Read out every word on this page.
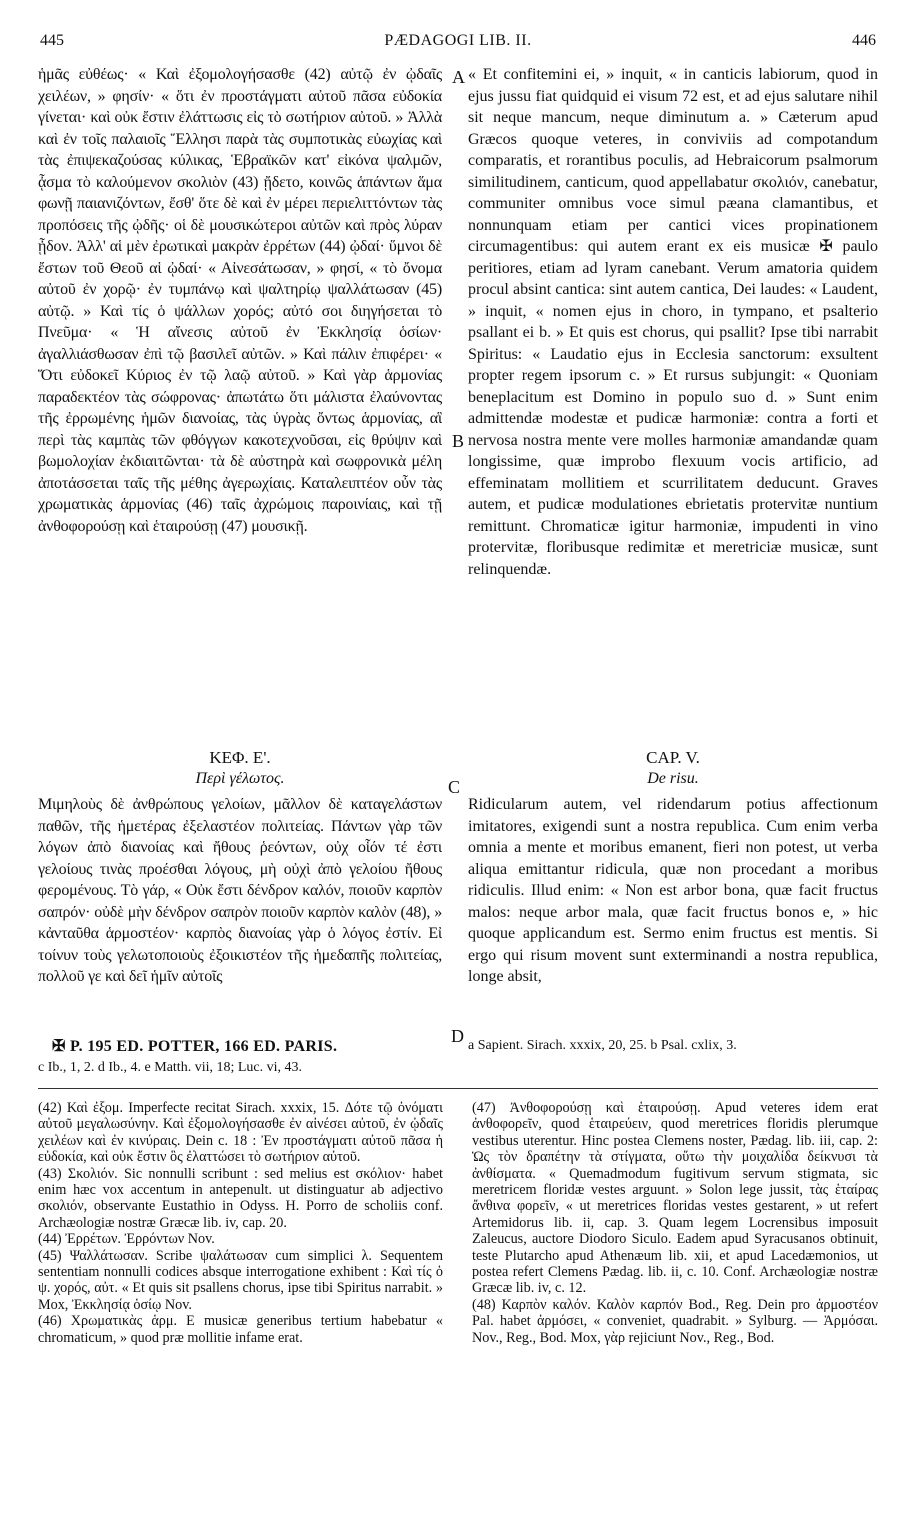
445	PÆDAGOGI LIB. II.	446
A
B
C
D

ἡμᾶς εὐθέως· « Καὶ ἐξομολογήσασθε (42) αὐτῷ ἐν ᾠδαῖς χειλέων, » φησίν· « ὅτι ἐν προστάγματι αὐτοῦ πᾶσα εὐδοκία γίνεται· καὶ οὐκ ἔστιν ἐλάττωσις εἰς τὸ σωτήριον αὐτοῦ. » Ἀλλὰ καὶ ἐν τοῖς παλαιοῖς Ἕλλησι παρὰ τὰς συμποτικὰς εὐωχίας καὶ τὰς ἐπιψεκαζούσας κύλικας, Ἑβραϊκῶν κατ' εἰκόνα ψαλμῶν, ᾆσμα τὸ καλούμενον σκολιὸν (43) ᾔδετο, κοινῶς ἁπάντων ἅμα φωνῇ παιανιζόντων, ἔσθ' ὅτε δὲ καὶ ἐν μέρει περιελιττόντων τὰς προπόσεις τῆς ᾠδῆς· οἱ δὲ μουσικώτεροι αὐτῶν καὶ πρὸς λύραν ᾖδον. Ἀλλ' αἱ μὲν ἐρωτικαὶ μακρὰν ἐρρέτων (44) ᾠδαί· ὕμνοι δὲ ἔστων τοῦ Θεοῦ αἱ ᾠδαί· « Αἰνεσάτωσαν, » φησί, « τὸ ὄνομα αὐτοῦ ἐν χορῷ· ἐν τυμπάνῳ καὶ ψαλτηρίῳ ψαλλάτωσαν (45) αὐτῷ. » Καὶ τίς ὁ ψάλλων χορός; αὐτό σοι διηγήσεται τὸ Πνεῦμα· « Ἡ αἴνεσις αὐτοῦ ἐν Ἐκκλησίᾳ ὁσίων· ἀγαλλιάσθωσαν ἐπὶ τῷ βασιλεῖ αὐτῶν. » Καὶ πάλιν ἐπιφέρει· « Ὅτι εὐδοκεῖ Κύριος ἐν τῷ λαῷ αὐτοῦ. » Καὶ γὰρ ἁρμονίας παραδεκτέον τὰς σώφρονας· ἀπωτάτω ὅτι μάλιστα ἐλαύνοντας τῆς ἐρρωμένης ἡμῶν διανοίας, τὰς ὑγρὰς ὄντως ἁρμονίας, αἳ περὶ τὰς καμπὰς τῶν φθόγγων κακοτεχνοῦσαι, εἰς θρύψιν καὶ βωμολοχίαν ἐκδιαιτῶνται· τὰ δὲ αὐστηρὰ καὶ σωφρονικὰ μέλη ἀποτάσσεται ταῖς τῆς μέθης ἀγερωχίαις. Καταλειπτέον οὖν τὰς χρωματικὰς ἁρμονίας (46) ταῖς ἀχρώμοις παροινίαις, καὶ τῇ ἀνθοφορούσῃ καὶ ἑταιρούσῃ (47) μουσικῇ.

« Et confitemini ei, » inquit, « in canticis labiorum, quod in ejus jussu fiat quidquid ei visum 72 est, et ad ejus salutare nihil sit neque mancum, neque diminutum a. » Cæterum apud Græcos quoque veteres, in conviviis ad compotandum comparatis, et rorantibus poculis, ad Hebraicorum psalmorum similitudinem, canticum, quod appellabatur σκολιόν, canebatur, communiter omnibus voce simul pæana clamantibus, et nonnunquam etiam per cantici vices propinationem circumagentibus: qui autem erant ex eis musicæ ✠ paulo peritiores, etiam ad lyram canebant. Verum amatoria quidem procul absint cantica: sint autem cantica, Dei laudes: « Laudent, » inquit, « nomen ejus in choro, in tympano, et psalterio psallant ei b. » Et quis est chorus, qui psallit? Ipse tibi narrabit Spiritus: « Laudatio ejus in Ecclesia sanctorum: exsultent propter regem ipsorum c. » Et rursus subjungit: « Quoniam beneplacitum est Domino in populo suo d. » Sunt enim admittendæ modestæ et pudicæ harmoniæ: contra a forti et nervosa nostra mente vere molles harmoniæ amandandæ quam longissime, quæ improbo flexuum vocis artificio, ad effeminatam mollitiem et scurrilitatem deducunt. Graves autem, et pudicæ modulationes ebrietatis protervitæ nuntium remittunt. Chromaticæ igitur harmoniæ, impudenti in vino protervitæ, floribusque redimitæ et meretriciæ musicæ, sunt relinquendæ.

ΚΕΦ. Ε'.
Περὶ γέλωτος.
CAP. V.
De risu.

Μιμηλοὺς δὲ ἀνθρώπους γελοίων, μᾶλλον δὲ καταγελάστων παθῶν, τῆς ἡμετέρας ἐξελαστέον πολιτείας. Πάντων γὰρ τῶν λόγων ἀπὸ διανοίας καὶ ἤθους ῥεόντων, οὐχ οἷόν τέ ἐστι γελοίους τινὰς προέσθαι λόγους, μὴ οὐχὶ ἀπὸ γελοίου ἤθους φερομένους. Τὸ γάρ, « Οὐκ ἔστι δένδρον καλόν, ποιοῦν καρπὸν σαπρόν· οὐδὲ μὴν δένδρον σαπρὸν ποιοῦν καρπὸν καλὸν (48), » κἀνταῦθα ἁρμοστέον· καρπὸς διανοίας γὰρ ὁ λόγος ἐστίν. Εἰ τοίνυν τοὺς γελωτοποιοὺς ἐξοικιστέον τῆς ἡμεδαπῆς πολιτείας, πολλοῦ γε καὶ δεῖ ἡμῖν αὐτοῖς

Ridicularum autem, vel ridendarum potius affectionum imitatores, exigendi sunt a nostra republica. Cum enim verba omnia a mente et moribus emanent, fieri non potest, ut verba aliqua emittantur ridicula, quæ non procedant a moribus ridiculis. Illud enim: « Non est arbor bona, quæ facit fructus malos: neque arbor mala, quæ facit fructus bonos e, » hic quoque applicandum est. Sermo enim fructus est mentis. Si ergo qui risum movent sunt exterminandi a nostra republica, longe absit,

✠ P. 195 ED. POTTER, 166 ED. PARIS.
c Ib., 1, 2. d Ib., 4. e Matth. vii, 18; Luc. vi, 43.
a Sapient. Sirach. xxxix, 20, 25. b Psal. cxlix, 3.

(42) Καὶ ἐξομ. Imperfecte recitat Sirach. xxxix, 15. Δότε τῷ ὀνόματι αὐτοῦ μεγαλωσύνην. Καὶ ἐξομολογήσασθε ἐν αἰνέσει αὐτοῦ, ἐν ᾠδαῖς χειλέων καὶ ἐν κινύραις. Dein c. 18 : Ἐν προστάγματι αὐτοῦ πᾶσα ἡ εὐδοκία, καὶ οὐκ ἔστιν ὃς ἐλαττώσει τὸ σωτήριον αὐτοῦ.

(43) Σκολιόν. Sic nonnulli scribunt : sed melius est σκόλιον· habet enim hæc vox accentum in antepenult. ut distinguatur ab adjectivo σκολιόν, observante Eustathio in Odyss. H. Porro de scholiis conf. Archæologiæ nostræ Græcæ lib. iv, cap. 20.

(44) Ἐρρέτων. Ἐρρόντων Nov.

(45) Ψαλλάτωσαν. Scribe ψαλάτωσαν cum simplici λ. Sequentem sententiam nonnulli codices absque interrogatione exhibent : Καὶ τίς ὁ ψ. χορός, αὐτ. « Et quis sit psallens chorus, ipse tibi Spiritus narrabit. » Mox, Ἐκκλησίᾳ ὁσίῳ Nov.

(46) Χρωματικὰς ἁρμ. E musicæ generibus tertium habebatur « chromaticum, » quod præ mollitie infame erat.

(47) Ἀνθοφορούσῃ καὶ ἑταιρούσῃ. Apud veteres idem erat ἀνθοφορεῖν, quod ἑταιρεύειν, quod meretrices floridis plerumque vestibus uterentur. Hinc postea Clemens noster, Pædag. lib. iii, cap. 2: Ὡς τὸν δραπέτην τὰ στίγματα, οὕτω τὴν μοιχαλίδα δείκνυσι τὰ ἀνθίσματα. « Quemadmodum fugitivum servum stigmata, sic meretricem floridæ vestes arguunt. » Solon lege jussit, τὰς ἑταίρας ἄνθινα φορεῖν, « ut meretrices floridas vestes gestarent, » ut refert Artemidorus lib. ii, cap. 3. Quam legem Locrensibus imposuit Zaleucus, auctore Diodoro Siculo. Eadem apud Syracusanos obtinuit, teste Plutarcho apud Athenæum lib. xii, et apud Lacedæmonios, ut postea refert Clemens Pædag. lib. ii, c. 10. Conf. Archæologiæ nostræ Græcæ lib. iv, c. 12.

(48) Καρπὸν καλόν. Καλὸν καρπόν Bod., Reg. Dein pro ἁρμοστέον Pal. habet ἁρμόσει, « conveniet, quadrabit. » Sylburg. — Ἁρμόσαι. Nov., Reg., Bod. Mox, γὰρ rejiciunt Nov., Reg., Bod.
